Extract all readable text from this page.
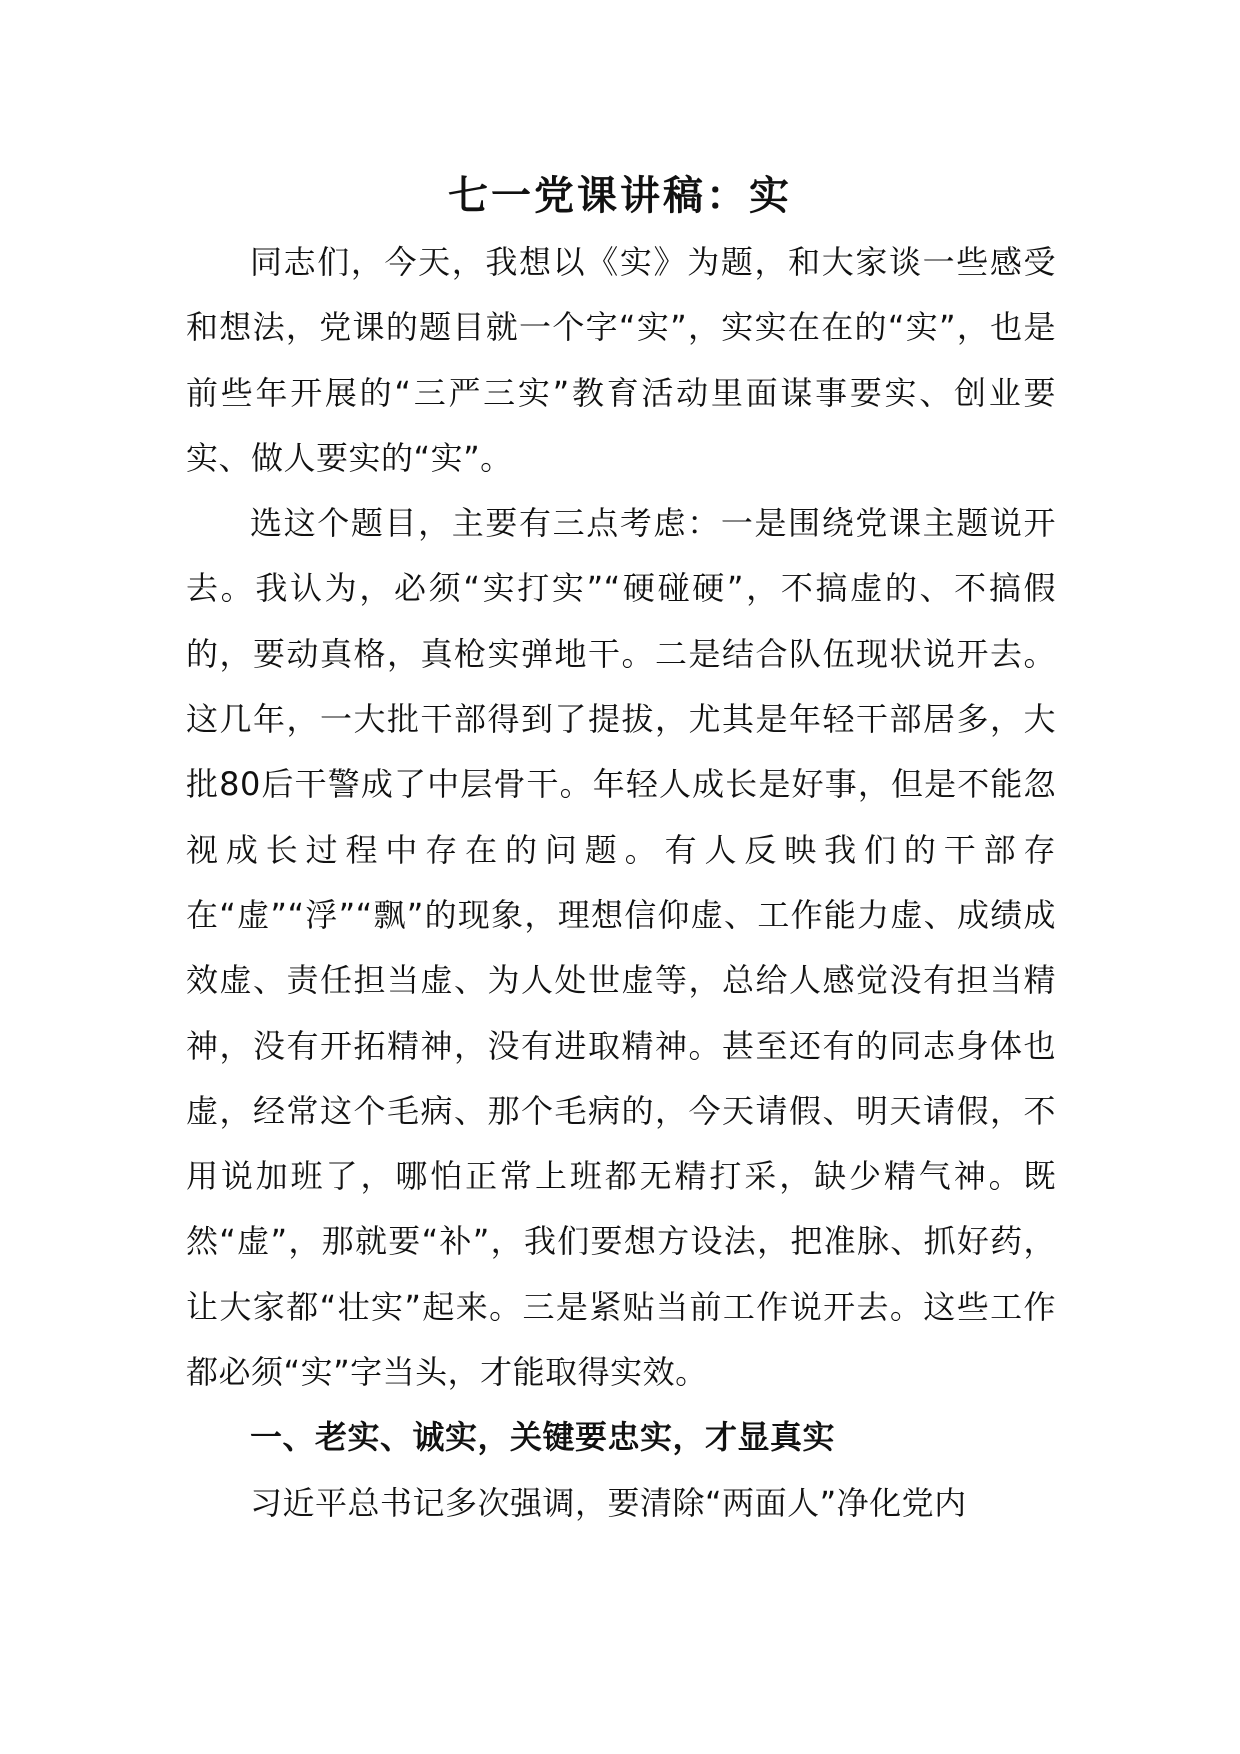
七一党课讲稿：实

同志们，今天，我想以《实》为题，和大家谈一些感受和想法，党课的题目就一个字“实”，实实在在的“实”，也是前些年开展的“三严三实”教育活动里面谋事要实、创业要实、做人要实的“实”。

选这个题目，主要有三点考虑：一是围绕党课主题说开去。我认为，必须“实打实”“硬碰硬”，不搞虚的、不搞假的，要动真格，真枪实弹地干。二是结合队伍现状说开去。这几年，一大批干部得到了提拔，尤其是年轻干部居多，大批80后干警成了中层骨干。年轻人成长是好事，但是不能忽视成长过程中存在的问题。有人反映我们的干部存在“虚”“浮”“飘”的现象，理想信仰虚、工作能力虚、成绩成效虚、责任担当虚、为人处世虚等，总给人感觉没有担当精神，没有开拓精神，没有进取精神。甚至还有的同志身体也虚，经常这个毛病、那个毛病的，今天请假、明天请假，不用说加班了，哪怕正常上班都无精打采，缺少精气神。既然“虚”，那就要“补”，我们要想方设法，把准脉、抓好药，让大家都“壮实”起来。三是紧贴当前工作说开去。这些工作都必须“实”字当头，才能取得实效。

一、老实、诚实，关键要忠实，才显真实

习近平总书记多次强调，要清除“两面人”净化党内
